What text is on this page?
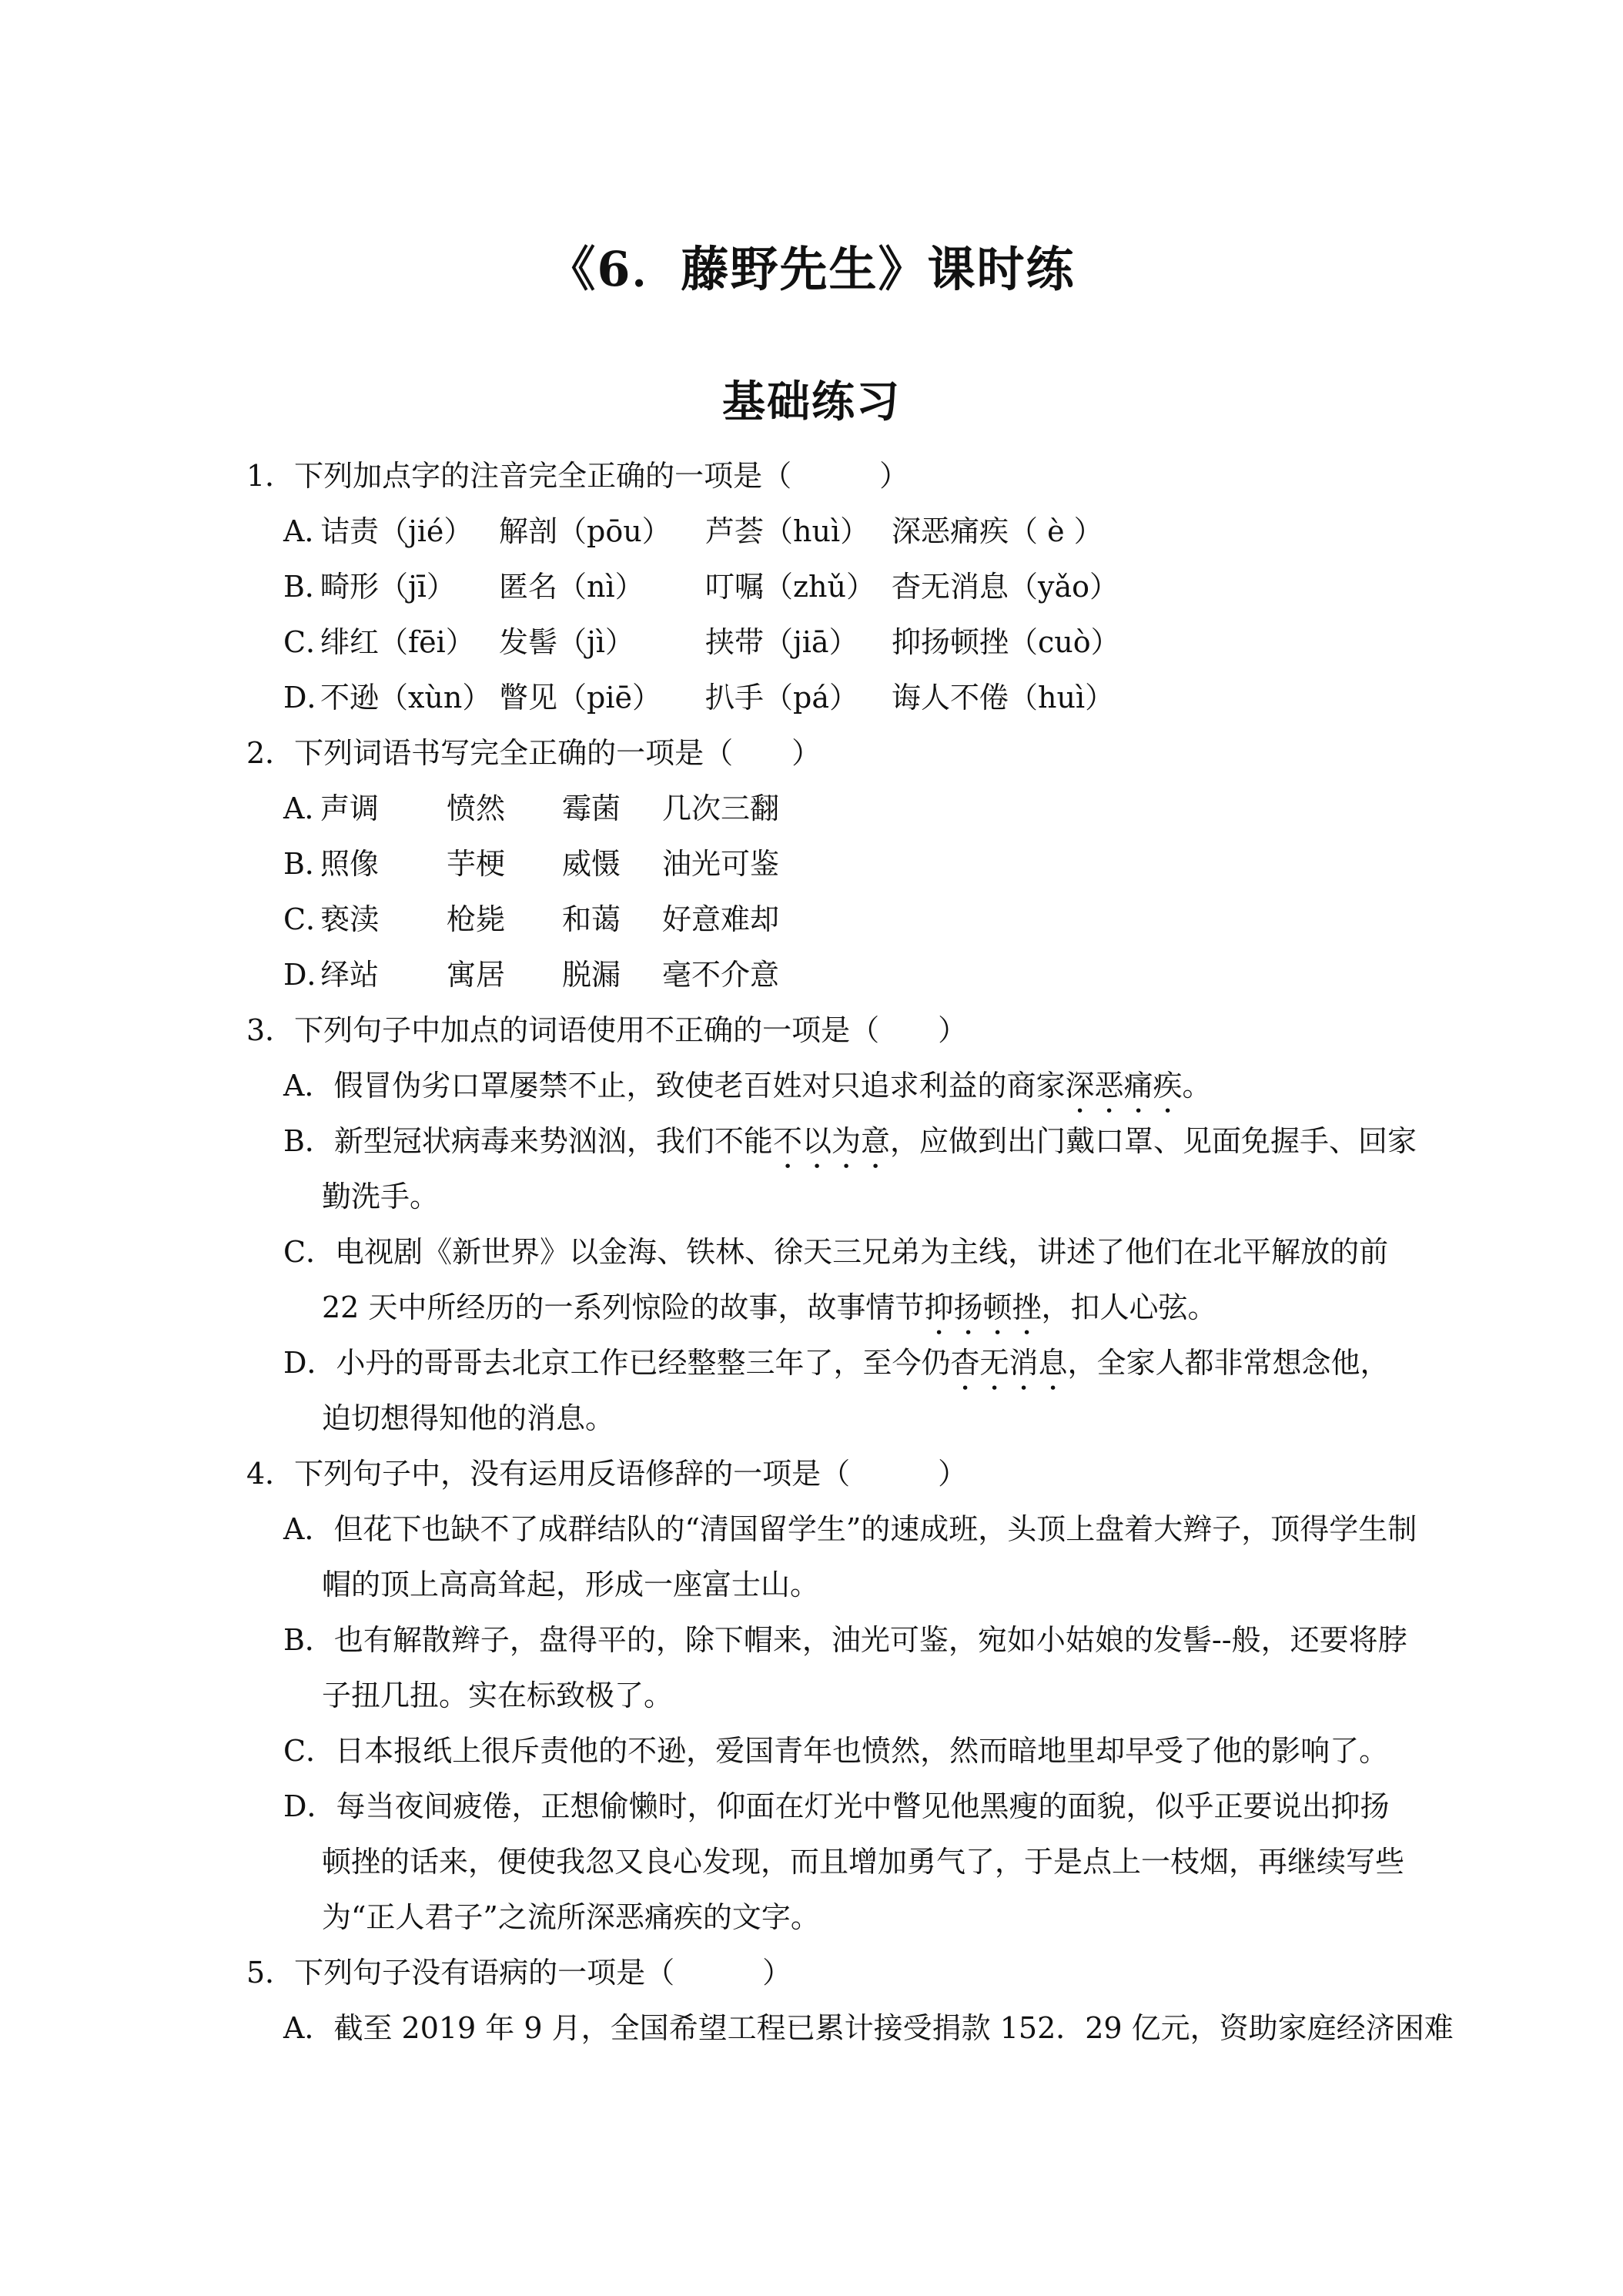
《6．藤野先生》课时练
基础练习
1．下列加点字的注音完全正确的一项是（　　　）
A．
诘责（jié） 解剖（pōu） 芦荟（huì） 深恶痛疾（ è ）
B．
畸形（jī） 匿名（nì） 叮嘱（zhǔ） 杳无消息（yǎo）
C．
绯红（fēi） 发髻（jì） 挟带（jiā） 抑扬顿挫（cuò）
D．
不逊（xùn） 瞥见（piē） 扒手（pá） 诲人不倦（huì）
2．下列词语书写完全正确的一项是（　　）
A．
声调 愤然 霉菌 几次三翻
B．
照像 芋梗 威慑 油光可鉴
C．
亵渎 枪毙 和蔼 好意难却
D．
绎站 寓居 脱漏 毫不介意
3．下列句子中加点的词语使用不正确的一项是（　　）
A．假冒伪劣口罩屡禁不止，致使老百姓对只追求利益的商家深恶痛疾。
B．新型冠状病毒来势汹汹，我们不能不以为意，应做到出门戴口罩、见面免握手、回家
勤洗手。
C．电视剧《新世界》以金海、铁林、徐天三兄弟为主线，讲述了他们在北平解放的前
22 天中所经历的一系列惊险的故事，故事情节抑扬顿挫，扣人心弦。
D．小丹的哥哥去北京工作已经整整三年了，至今仍杳无消息，全家人都非常想念他，
迫切想得知他的消息。
4．下列句子中，没有运用反语修辞的一项是（　　　）
A．但花下也缺不了成群结队的“清国留学生”的速成班，头顶上盘着大辫子，顶得学生制
帽的顶上高高耸起，形成一座富士山。
B．也有解散辫子，盘得平的，除下帽来，油光可鉴，宛如小姑娘的发髻--般，还要将脖
子扭几扭。实在标致极了。
C．日本报纸上很斥责他的不逊，爱国青年也愤然，然而暗地里却早受了他的影响了。
D．每当夜间疲倦，正想偷懒时，仰面在灯光中瞥见他黑瘦的面貌，似乎正要说出抑扬
顿挫的话来，便使我忽又良心发现，而且增加勇气了，于是点上一枝烟，再继续写些
为“正人君子”之流所深恶痛疾的文字。
5．下列句子没有语病的一项是（　　　）
A．截至 2019 年 9 月，全国希望工程已累计接受捐款 152．29 亿元，资助家庭经济困难
